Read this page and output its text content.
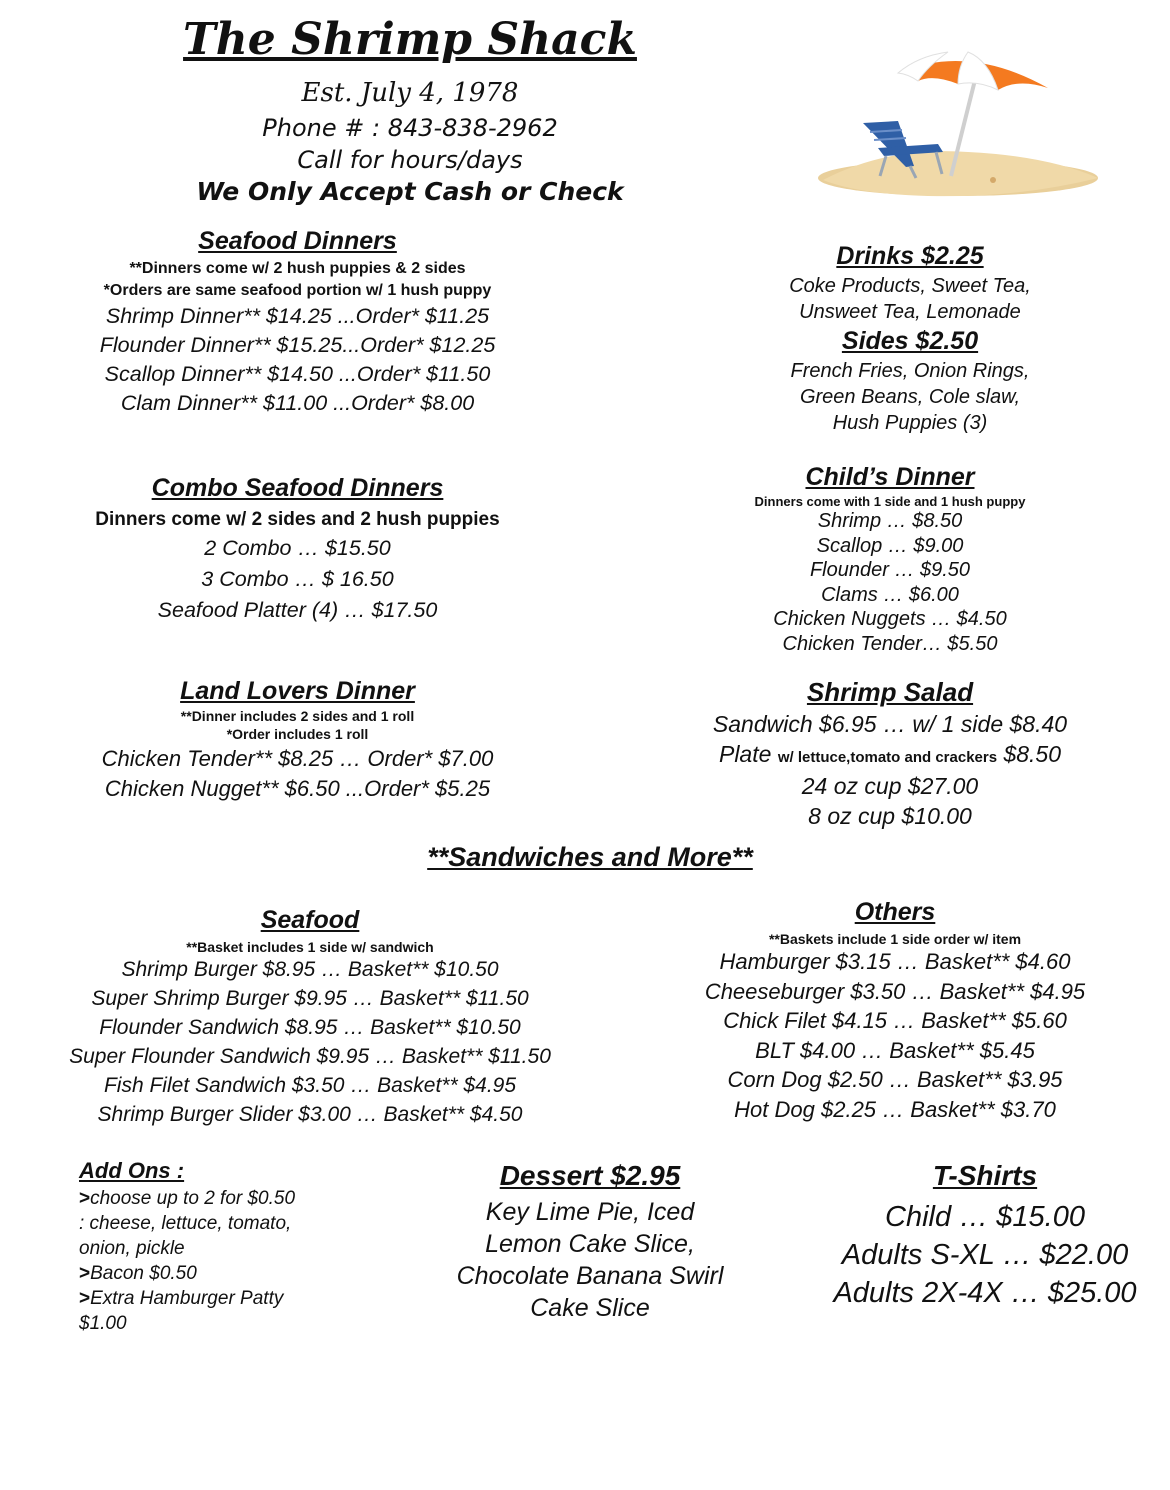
The Shrimp Shack
Est. July 4, 1978
Phone # : 843-838-2962
Call for hours/days
We Only Accept Cash or Check
Seafood Dinners
**Dinners come w/ 2 hush puppies & 2 sides
*Orders are same seafood portion w/ 1 hush puppy
Shrimp Dinner** $14.25 ...Order* $11.25
Flounder Dinner** $15.25...Order* $12.25
Scallop Dinner** $14.50 ...Order* $11.50
Clam Dinner** $11.00 ...Order* $8.00
Combo Seafood Dinners
Dinners come w/ 2 sides and 2 hush puppies
2 Combo … $15.50
3 Combo … $ 16.50
Seafood Platter (4) … $17.50
Land Lovers Dinner
**Dinner includes 2 sides and 1 roll
*Order includes 1 roll
Chicken Tender** $8.25 … Order* $7.00
Chicken Nugget** $6.50 ...Order* $5.25
Drinks $2.25
Coke Products, Sweet Tea,
Unsweet Tea, Lemonade
Sides $2.50
French Fries, Onion Rings,
Green Beans, Cole slaw,
Hush Puppies (3)
Child’s Dinner
Dinners come with 1 side and 1 hush puppy
Shrimp … $8.50
Scallop … $9.00
Flounder … $9.50
Clams … $6.00
Chicken Nuggets … $4.50
Chicken Tender… $5.50
Shrimp Salad
Sandwich $6.95 … w/ 1 side $8.40
Plate w/ lettuce,tomato and crackers $8.50
24 oz cup $27.00
8 oz cup $10.00
**Sandwiches and More**
Seafood
**Basket includes 1 side w/ sandwich
Shrimp Burger $8.95 … Basket** $10.50
Super Shrimp Burger $9.95 … Basket** $11.50
Flounder Sandwich $8.95 … Basket** $10.50
Super Flounder Sandwich $9.95 … Basket** $11.50
Fish Filet Sandwich $3.50 … Basket** $4.95
Shrimp Burger Slider $3.00 … Basket** $4.50
Others
**Baskets include 1 side order w/ item
Hamburger $3.15 … Basket** $4.60
Cheeseburger $3.50 … Basket** $4.95
Chick Filet $4.15 … Basket** $5.60
BLT $4.00 … Basket** $5.45
Corn Dog $2.50 … Basket** $3.95
Hot Dog $2.25 … Basket** $3.70
Add Ons :
>choose up to 2 for $0.50
: cheese, lettuce, tomato,
onion, pickle
>Bacon $0.50
>Extra Hamburger Patty
$1.00
Dessert $2.95
Key Lime Pie, Iced
Lemon Cake Slice,
Chocolate Banana Swirl
Cake Slice
T-Shirts
Child … $15.00
Adults S-XL … $22.00
Adults 2X-4X … $25.00
